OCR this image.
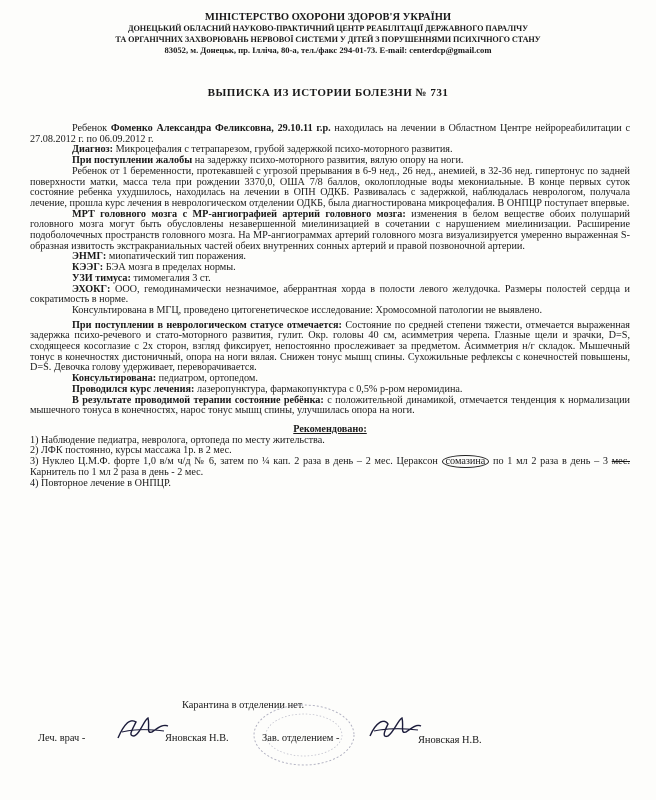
МІНІСТЕРСТВО ОХОРОНИ ЗДОРОВ'Я УКРАЇНИ
ДОНЕЦЬКИЙ ОБЛАСНИЙ НАУКОВО-ПРАКТИЧНИЙ ЦЕНТР РЕАБІЛІТАЦІЇ ДЕРЖАВНОГО ПАРАЛІЧУ
ТА ОРГАНІЧНИХ ЗАХВОРЮВАНЬ НЕРВОВОЇ СИСТЕМИ У ДІТЕЙ З ПОРУШЕННЯМИ ПСИХІЧНОГО СТАНУ
83052, м. Донецьк, пр. Ілліча, 80-а, тел./факс 294-01-73. E-mail: centerdcp@gmail.com
ВЫПИСКА ИЗ ИСТОРИИ БОЛЕЗНИ № 731

Ребенок Фоменко Александра Феликсовна, 29.10.11 г.р. находилась на лечении в Областном Центре нейрореабилитации с 27.08.2012 г. по 06.09.2012 г.

Диагноз: Микроцефалия с тетрапарезом, грубой задержкой психо-моторного развития.

При поступлении жалобы на задержку психо-моторного развития, вялую опору на ноги.

Ребенок от 1 беременности, протекавшей с угрозой прерывания в 6-9 нед., 26 нед., анемией, в 32-36 нед. гипертонус по задней поверхности матки, масса тела при рождении 3370,0, ОША 7/8 баллов, околоплодные воды мекониальные. В конце первых суток состояние ребенка ухудшилось, находилась на лечении в ОПН ОДКБ. Развивалась с задержкой, наблюдалась неврологом, получала лечение, прошла курс лечения в неврологическом отделении ОДКБ, была диагностирована микроцефалия. В ОНПЦР поступает впервые.

МРТ головного мозга с МР-ангиографией артерий головного мозга: изменения в белом веществе обоих полушарий головного мозга могут быть обусловлены незавершенной миелинизацией в сочетании с нарушением миелинизации. Расширение подоболочечных пространств головного мозга. На МР-ангиограммах артерий головного мозга визуализируется умеренно выраженная S-образная извитость экстракраниальных частей обеих внутренних сонных артерий и правой позвоночной артерии.

ЭНМГ: миопатический тип поражения.

КЭЭГ: БЭА мозга в пределах нормы.

УЗИ тимуса: тимомегалия 3 ст.

ЭХОКГ: ООО, гемодинамически незначимое, аберрантная хорда в полости левого желудочка. Размеры полостей сердца и сократимость в норме.

Консультирована в МГЦ, проведено цитогенетическое исследование: Хромосомной патологии не выявлено.

При поступлении в неврологическом статусе отмечается: Состояние по средней степени тяжести, отмечается выраженная задержка психо-речевого и стато-моторного развития, гулит. Окр. головы 40 см, асимметрия черепа. Глазные щели и зрачки, D=S, сходящееся косоглазие с 2х сторон, взгляд фиксирует, непостоянно прослеживает за предметом. Асимметрия н/г складок. Мышечный тонус в конечностях дистоничный, опора на ноги вялая. Снижен тонус мышц спины. Сухожильные рефлексы с конечностей повышены, D=S. Девочка голову удерживает, переворачивается.

Консультирована: педиатром, ортопедом.

Проводился курс лечения: лазеропунктура, фармакопунктура с 0,5% р-ром неромидина.

В результате проводимой терапии состояние ребёнка: с положительной динамикой, отмечается тенденция к нормализации мышечного тонуса в конечностях, нарос тонус мышц спины, улучшилась опора на ноги.

Рекомендовано:

1) Наблюдение педиатра, невролога, ортопеда по месту жительства.

2) ЛФК постоянно, курсы массажа 1р. в 2 мес.

3) Нуклео Ц.М.Ф. форте 1,0 в/м ч/д № 6, затем по ¼ кап. 2 раза в день – 2 мес. Цераксон сомазина по 1 мл 2 раза в день – 3 мес. Карнитель по 1 мл 2 раза в день - 2 мес.

4) Повторное лечение в ОНПЦР.

Карантина в отделении нет.
Леч. врач -	Яновская Н.В.	Зав. отделением -	Яновская Н.В.
